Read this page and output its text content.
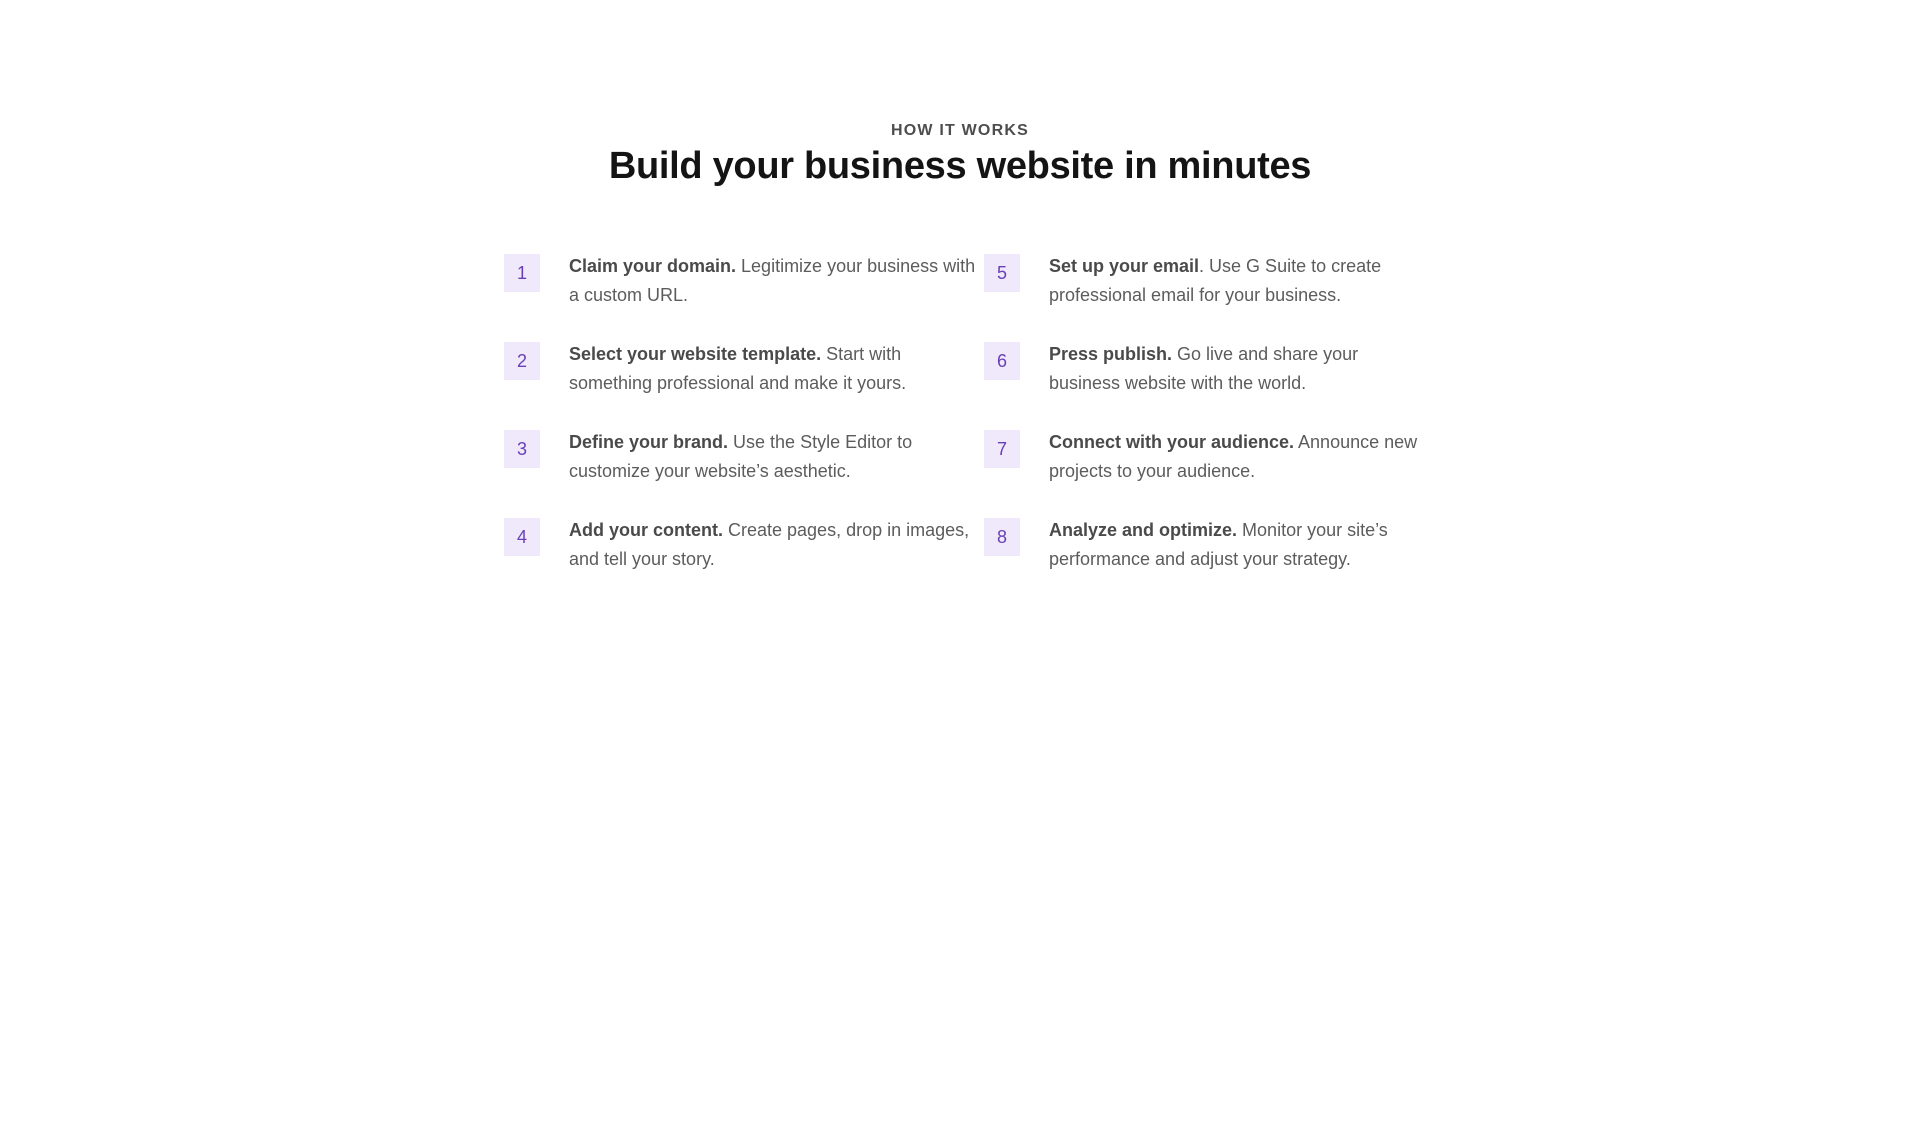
HOW IT WORKS
Build your business website in minutes
1	Claim your domain. Legitimize your business with a custom URL.
5	Set up your email. Use G Suite to create professional email for your business.
2	Select your website template. Start with something professional and make it yours.
6	Press publish. Go live and share your business website with the world.
3	Define your brand. Use the Style Editor to customize your website’s aesthetic.
7	Connect with your audience. Announce new projects to your audience.
4	Add your content. Create pages, drop in images, and tell your story.
8	Analyze and optimize. Monitor your site’s performance and adjust your strategy.
